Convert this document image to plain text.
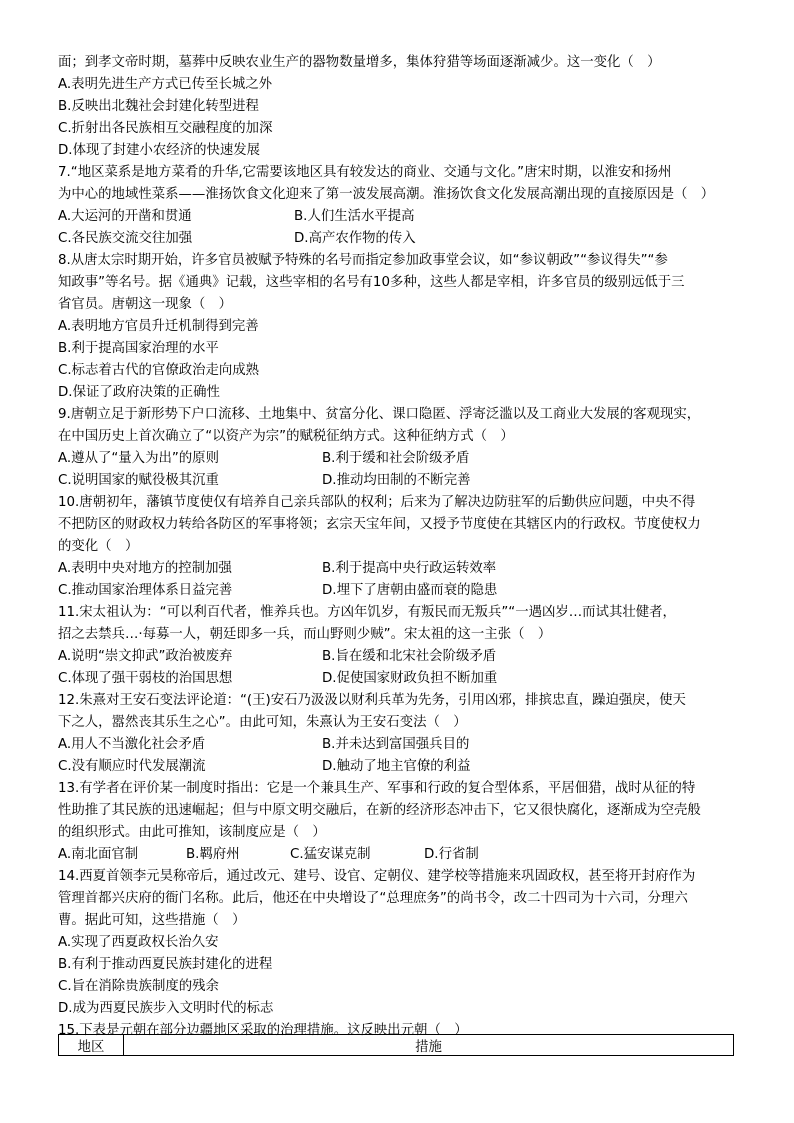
面；到孝文帝时期，墓葬中反映农业生产的器物数量增多，集体狩猎等场面逐渐减少。这一变化（　）
A.表明先进生产方式已传至长城之外
B.反映出北魏社会封建化转型进程
C.折射出各民族相互交融程度的加深
D.体现了封建小农经济的快速发展
7.“地区菜系是地方菜肴的升华,它需要该地区具有较发达的商业、交通与文化。”唐宋时期，以淮安和扬州
为中心的地域性菜系——淮扬饮食文化迎来了第一波发展高潮。淮扬饮食文化发展高潮出现的直接原因是（　）
A.大运河的开凿和贯通	B.人们生活水平提高
C.各民族交流交往加强	D.高产农作物的传入
8.从唐太宗时期开始，许多官员被赋予特殊的名号而指定参加政事堂会议，如“参议朝政”“参议得失”“参
知政事”等名号。据《通典》记载，这些宰相的名号有10多种，这些人都是宰相，许多官员的级别远低于三
省官员。唐朝这一现象（　）
A.表明地方官员升迁机制得到完善
B.利于提高国家治理的水平
C.标志着古代的官僚政治走向成熟
D.保证了政府决策的正确性
9.唐朝立足于新形势下户口流移、土地集中、贫富分化、课口隐匿、浮寄泛滥以及工商业大发展的客观现实，
在中国历史上首次确立了“以资产为宗”的赋税征纳方式。这种征纳方式（　）
A.遵从了“量入为出”的原则	B.利于缓和社会阶级矛盾
C.说明国家的赋役极其沉重	D.推动均田制的不断完善
10.唐朝初年，藩镇节度使仅有培养自己亲兵部队的权利；后来为了解决边防驻军的后勤供应问题，中央不得
不把防区的财政权力转给各防区的军事将领；玄宗天宝年间，又授予节度使在其辖区内的行政权。节度使权力
的变化（　）
A.表明中央对地方的控制加强	B.利于提高中央行政运转效率
C.推动国家治理体系日益完善	D.埋下了唐朝由盛而衰的隐患
11.宋太祖认为：“可以利百代者，惟养兵也。方凶年饥岁，有叛民而无叛兵”“一遇凶岁…而试其壮健者，
招之去禁兵…·每募一人，朝廷即多一兵，而山野则少贼”。宋太祖的这一主张（　）
A.说明“崇文抑武”政治被废弃	B.旨在缓和北宋社会阶级矛盾
C.体现了强干弱枝的治国思想	D.促使国家财政负担不断加重
12.朱熹对王安石变法评论道：“(王)安石乃汲汲以财利兵革为先务，引用凶邪，排摈忠直，躁迫强戾，使天
下之人，嚣然丧其乐生之心”。由此可知，朱熹认为王安石变法（　）
A.用人不当激化社会矛盾	B.并未达到富国强兵目的
C.没有顺应时代发展潮流	D.触动了地主官僚的利益
13.有学者在评价某一制度时指出：它是一个兼具生产、军事和行政的复合型体系，平居佃猎，战时从征的特
性助推了其民族的迅速崛起；但与中原文明交融后，在新的经济形态冲击下，它又很快腐化，逐渐成为空壳般
的组织形式。由此可推知，该制度应是（　）
A.南北面官制	B.羁府州	C.猛安谋克制	D.行省制
14.西夏首领李元昊称帝后，通过改元、建号、设官、定朝仪、建学校等措施来巩固政权，甚至将开封府作为
管理首都兴庆府的衙门名称。此后，他还在中央增设了“总理庶务”的尚书令，改二十四司为十六司，分理六
曹。据此可知，这些措施（　）
A.实现了西夏政权长治久安
B.有利于推动西夏民族封建化的进程
C.旨在消除贵族制度的残余
D.成为西夏民族步入文明时代的标志
15.下表是元朝在部分边疆地区采取的治理措施。这反映出元朝（　）
地区	措施
